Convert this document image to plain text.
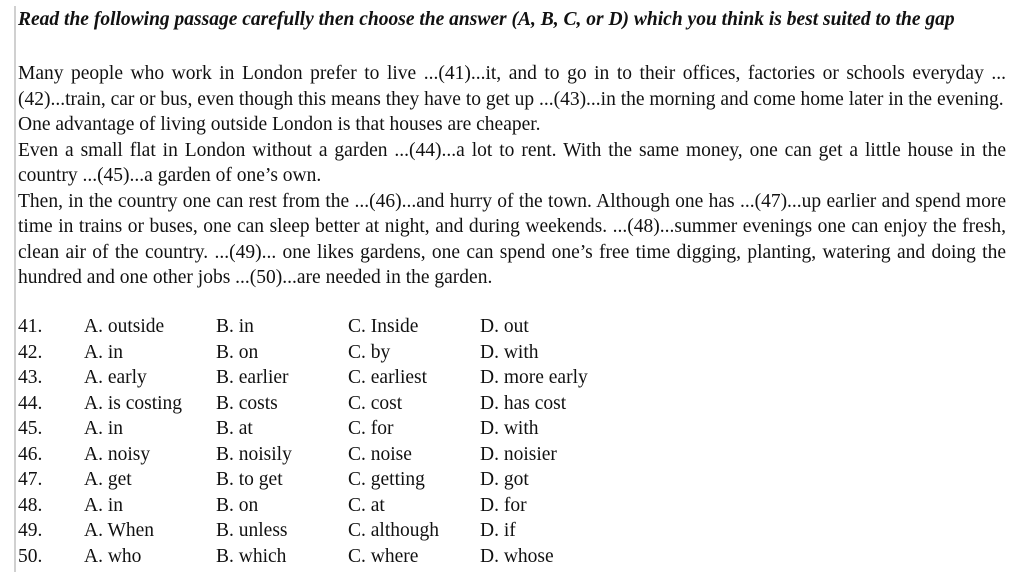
Read the following passage carefully then choose the answer (A, B, C, or D) which you think is best suited to the gap

Many people who work in London prefer to live ...(41)...it, and to go in to their offices, factories or schools everyday ...(42)...train, car or bus, even though this means they have to get up ...(43)...in the morning and come home later in the evening.

One advantage of living outside London is that houses are cheaper.

Even a small flat in London without a garden ...(44)...a lot to rent. With the same money, one can get a little house in the country ...(45)...a garden of one’s own.

Then, in the country one can rest from the ...(46)...and hurry of the town. Although one has ...(47)...up earlier and spend more time in trains or buses, one can sleep better at night, and during weekends. ...(48)...summer evenings one can enjoy the fresh, clean air of the country. ...(49)... one likes gardens, one can spend one’s free time digging, planting, watering and doing the hundred and one other jobs ...(50)...are needed in the garden.

41. A. outside	B. in	C. Inside	D. out
42. A. in	B. on	C. by	D. with
43. A. early	B. earlier	C. earliest	D. more early
44. A. is costing B. costs	C. cost	D. has cost
45. A. in	B. at	C. for	D. with
46. A. noisy	B. noisily	C. noise	D. noisier
47. A. get	B. to get	C. getting	D. got
48. A. in	B. on	C. at	D. for
49. A. When	B. unless	C. although D. if
50. A. who	B. which	C. where	D. whose
